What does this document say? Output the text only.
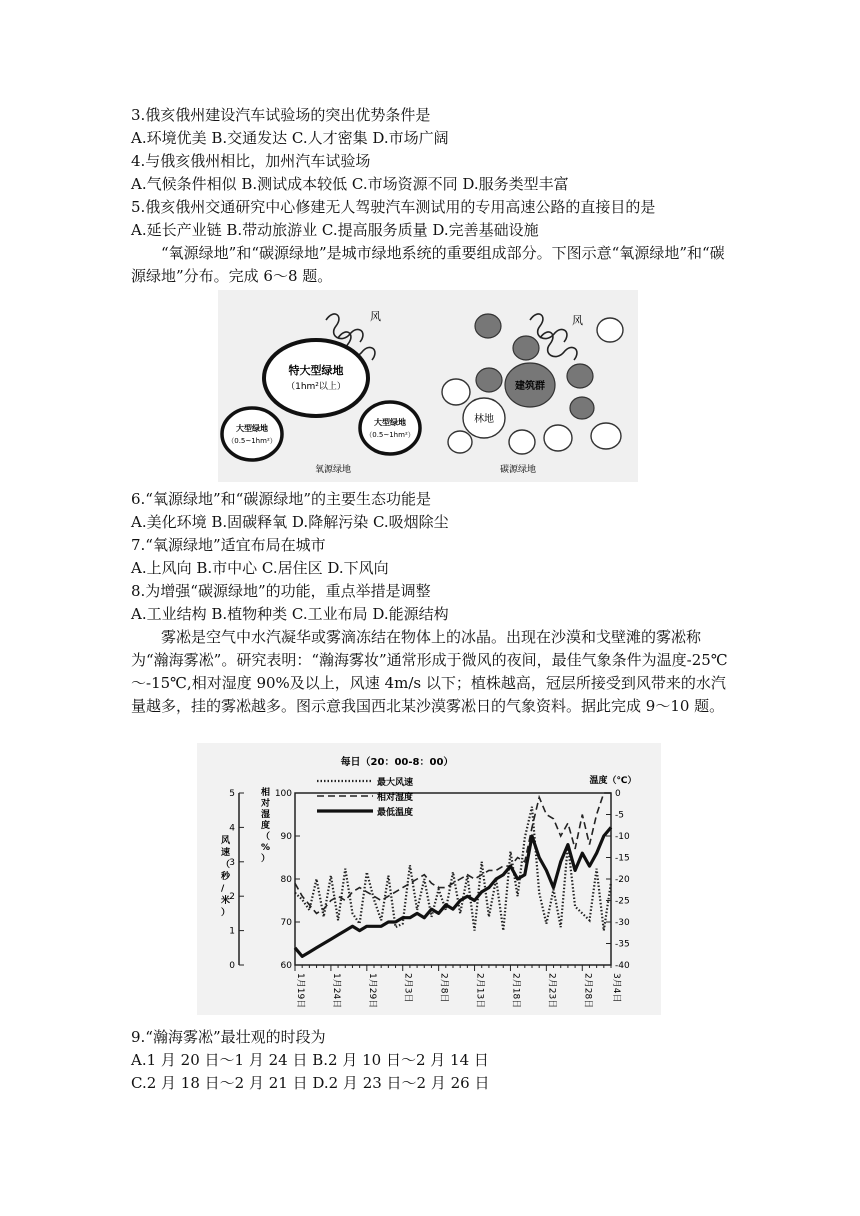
3.俄亥俄州建设汽车试验场的突出优势条件是
A.环境优美 B.交通发达 C.人才密集 D.市场广阔
4.与俄亥俄州相比，加州汽车试验场
A.气候条件相似 B.测试成本较低 C.市场资源不同 D.服务类型丰富
5.俄亥俄州交通研究中心修建无人驾驶汽车测试用的专用高速公路的直接目的是
A.延长产业链 B.带动旅游业 C.提高服务质量 D.完善基础设施
“氧源绿地”和“碳源绿地”是城市绿地系统的重要组成部分。下图示意“氧源绿地”和“碳源绿地”分布。完成 6～8 题。
风
特大型绿地
（1hm²以上）
大型绿地
（0.5~1hm²）
大型绿地
（0.5~1hm²）
氧源绿地
风
建筑群
林地
碳源绿地
6.“氧源绿地”和“碳源绿地”的主要生态功能是
A.美化环境 B.固碳释氧 D.降解污染 C.吸烟除尘
7.“氧源绿地”适宜布局在城市
A.上风向 B.市中心 C.居住区 D.下风向
8.为增强“碳源绿地”的功能，重点举措是调整
A.工业结构 B.植物种类 C.工业布局 D.能源结构
雾凇是空气中水汽凝华或雾滴冻结在物体上的冰晶。出现在沙漠和戈壁滩的雾凇称为“瀚海雾凇”。研究表明：“瀚海雾妆”通常形成于微风的夜间，最佳气象条件为温度-25℃～-15℃,相对湿度 90%及以上，风速 4m/s 以下；植株越高，冠层所接受到风带来的水汽量越多，挂的雾凇越多。图示意我国西北某沙漠雾凇日的气象资料。据此完成 9～10 题。
每日（20：00-8：00）
0
1
2
3
4
5
风速（秒/米）
60
70
80
90
100
相对湿度（%）
温度（℃）
0
-5
-10
-15
-20
-25
-30
-35
-40
1月19日	1月24日	1月29日	2月3日	2月8日	2月13日	2月18日	2月23日	2月28日 3月4日
最大风速
相对湿度
最低温度
9.“瀚海雾凇”最壮观的时段为
A.1 月 20 日～1 月 24 日 B.2 月 10 日～2 月 14 日
C.2 月 18 日～2 月 21 日 D.2 月 23 日～2 月 26 日
